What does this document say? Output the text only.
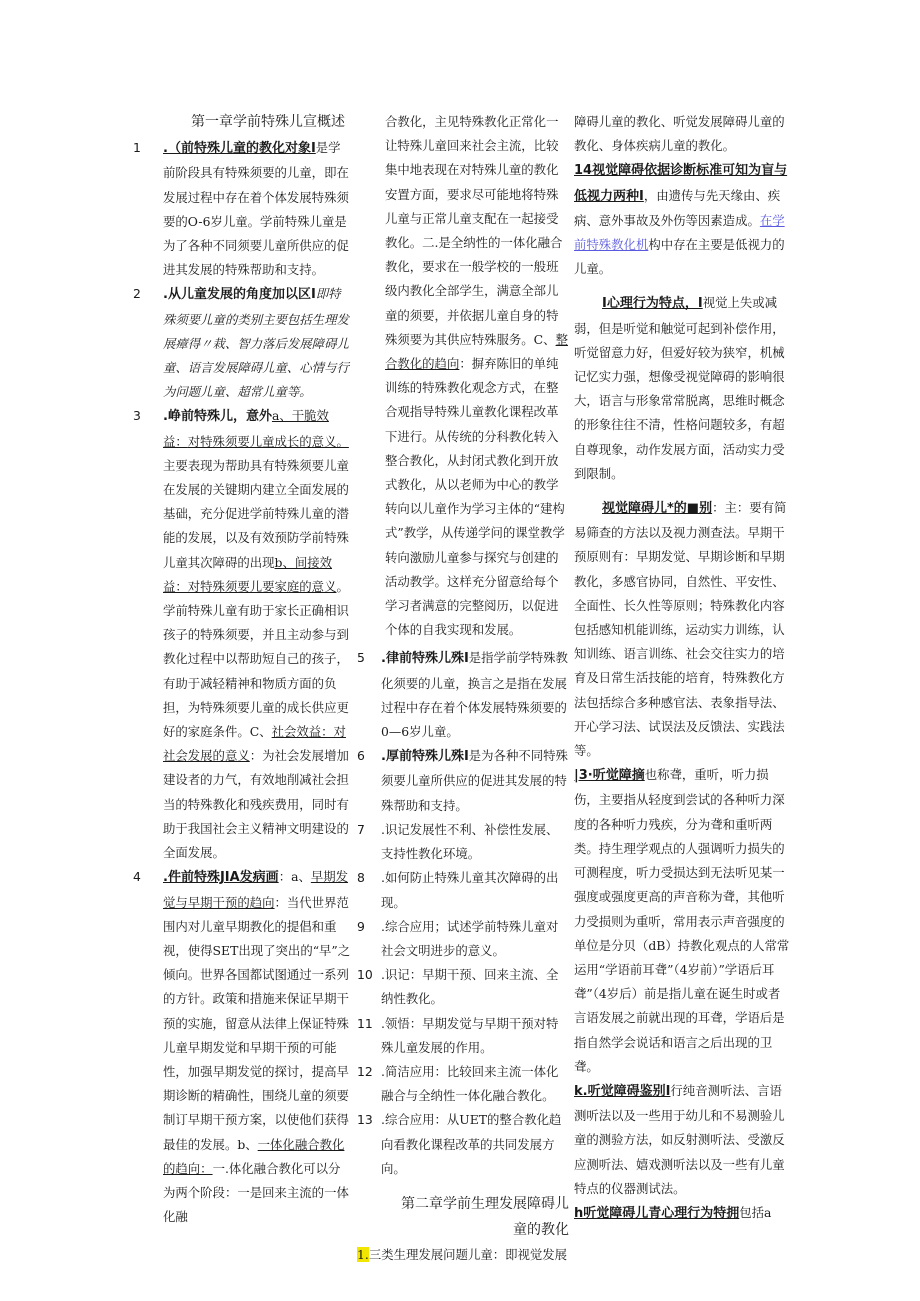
第一章学前特殊儿宣概述

1 .（前特殊儿童的教化对象I是学前阶段具有特殊须要的儿童，即在发展过程中存在着个体发展特殊须要的O-6岁儿童。学前特殊儿童是为了各种不同须要儿童所供应的促进其发展的特殊帮助和支持。
2 .从儿童发展的角度加以区I即特殊须要儿童的类别主要包括生理发展瘴得〃栽、智力落后发展障碍儿童、语言发展障碍儿童、心情与行为问题儿童、超常儿童等。
3 .峥前特殊儿，意外a、干脆效益：对特殊须要儿童成长的意义。主要表现为帮助具有特殊须要儿童在发展的关键期内建立全面发展的基础，充分促进学前特殊儿童的潜能的发展，以及有效预防学前特殊儿童其次障碍的出现b、间接效益：对特殊须要儿要家庭的意义。学前特殊儿童有助于家长正确相识孩子的特殊须要，并且主动参与到教化过程中以帮助短自己的孩子，有助于减轻精神和物质方面的负担，为特殊须要儿童的成长供应更好的家庭条件。C、社会效益：对社会发展的意义：为社会发展增加建设者的力气，有效地削减社会担当的特殊教化和残疾费用，同时有助于我国社会主义精神文明建设的全面发展。
4 .件前特殊JIA发病画：a、早期发觉与早期干预的趋向：当代世界范围内对儿童早期教化的提倡和重视，使得SET出现了突出的“早”之倾向。世界各国都试图通过一系列的方针。政策和措施来保证早期干预的实施，留意从法律上保证特殊儿童早期发觉和早期干预的可能性，加强早期发觉的探讨，提高早期诊断的精确性，围绕儿童的须要制订早期干预方案，以使他们获得最佳的发展。b、一体化融合教化的趋向：一.体化融合教化可以分为两个阶段：一是回来主流的一体化融

合教化，主见特殊教化正常化一让特殊儿童回来社会主流，比较集中地表现在对特殊儿童的教化安置方面，要求尽可能地将特殊儿童与正常儿童支配在一起接受教化。二.是全纳性的一体化融合教化，要求在一般学校的一般班级内教化全部学生，满意全部儿童的须要，并依据儿童自身的特殊须要为其供应特殊服务。C、整合教化的趋向：摒弃陈旧的单纯训练的特殊教化观念方式，在整合观指导特殊儿童教化课程改革下进行。从传统的分科教化转入整合教化，从封闭式教化到开放式教化，从以老师为中心的教学转向以儿童作为学习主体的“建构式”教学，从传递学问的课堂教学转向激励儿童参与探究与创建的活动教学。这样充分留意给每个学习者满意的完整阅历，以促进个体的自我实现和发展。

5 .律前特殊儿殊I是指学前学特殊教化须要的儿童，换言之是指在发展过程中存在着个体发展特殊须要的0—6岁儿童。
6 .厚前特殊儿殊I是为各种不同特殊须要儿童所供应的促进其发展的特殊帮助和支持。
7 .识记发展性不利、补偿性发展、支持性教化环境。
8 .如何防止特殊儿童其次障碍的出现。
9 .综合应用；试述学前特殊儿童对社会文明进步的意义。
10 .识记：早期干预、回来主流、全纳性教化。
11 .领悟：早期发觉与早期干预对特殊儿童发展的作用。
12 .简洁应用：比较回来主流一体化融合与全纳性一体化融合教化。
13 .综合应用：从UET的整合教化趋向看教化课程改革的共同发展方向。

第二章学前生理发展障碍儿童的教化

1.三类生理发展问题儿童：即视觉发展

障碍儿童的教化、听觉发展障碍儿童的教化、身体疾病儿童的教化。

14视觉障碍依据诊断标准可知为盲与低视力两种I，由遗传与先天缘由、疾病、意外事故及外伤等因素造成。在学前特殊教化机构中存在主要是低视力的儿童。

I心理行为特点，I视觉上失或减弱，但是听觉和触觉可起到补偿作用，听觉留意力好，但爱好较为狭窄，机械记忆实力强，想像受视觉障碍的影响很大，语言与形象常常脱离，思维时概念的形象往往不清，性格问题较多，有超自尊现象，动作发展方面，活动实力受到限制。

视觉障碍儿*的■别：主：要有简易筛查的方法以及视力测查法。早期干预原则有：早期发觉、早期诊断和早期教化，多感官协同，自然性、平安性、全面性、长久性等原则；特殊教化内容包括感知机能训练，运动实力训练，认知训练、语言训练、社会交往实力的培育及日常生活技能的培育，特殊教化方法包括综合多种感官法、表象指导法、开心学习法、试误法及反馈法、实践法等。

|3·听觉障摘也称聋，重听，听力损伤，主要指从轻度到尝试的各种听力深度的各种听力残疾，分为聋和重听两类。持生理学观点的人强调听力损失的可测程度，听力受损达到无法听见某一强度或强度更高的声音称为聋，其他听力受损则为重听，常用表示声音强度的单位是分贝（dB）持教化观点的人常常运用“学语前耳聋”（4岁前）”学语后耳聋”（4岁后）前是指儿童在诞生时或者言语发展之前就出现的耳聋，学语后是指自然学会说话和语言之后出现的卫聋。

k.听觉障碍鉴别I行纯音测听法、言语测听法以及一些用于幼儿和不易测验儿童的测验方法，如反射测听法、受激反应测听法、嬉戏测听法以及一些有儿童特点的仪器测试法。

h听觉障碍儿青心理行为特拥包括a
